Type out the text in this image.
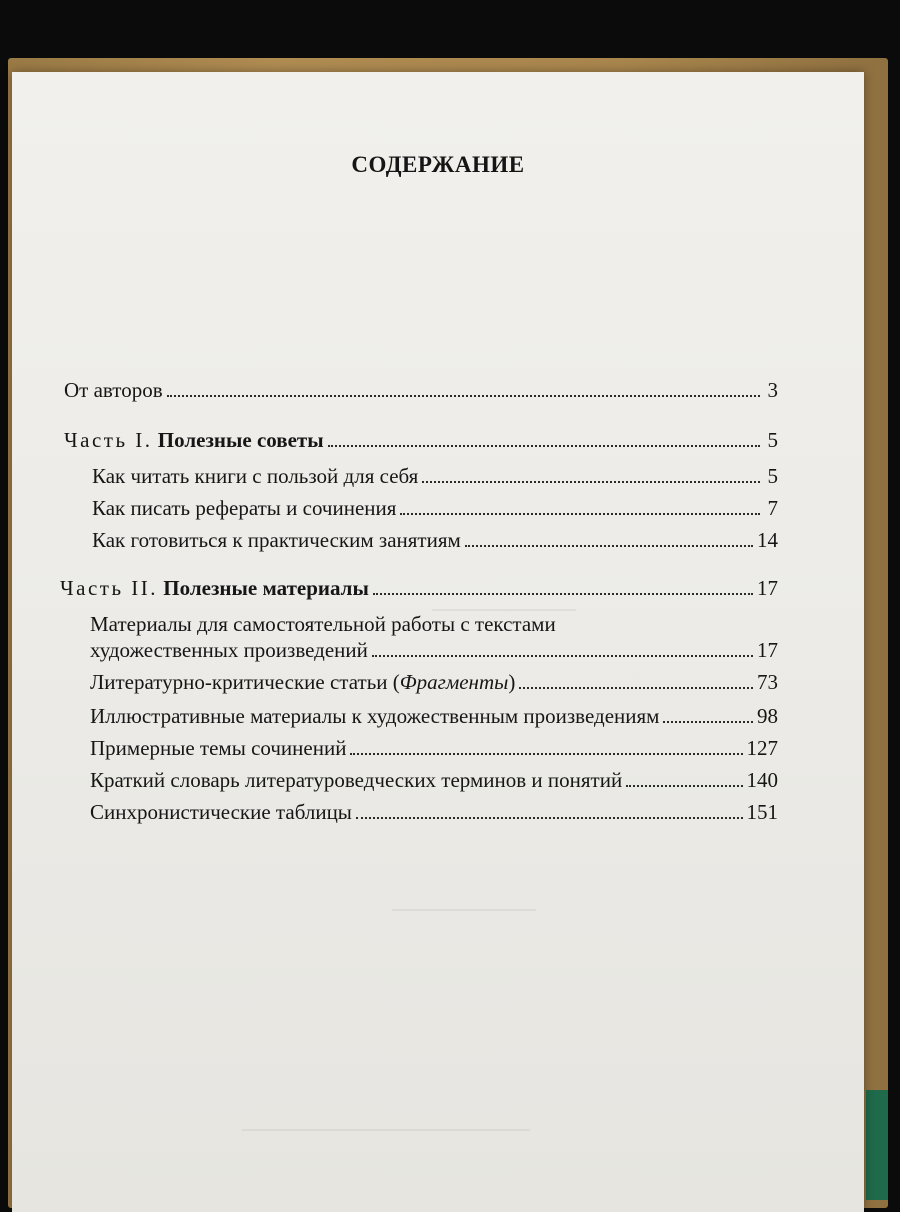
________________
________________
________________________________
СОДЕРЖАНИЕ
От авторов	3
Часть I. Полезные советы	5
Как читать книги с пользой для себя	5
Как писать рефераты и сочинения	7
Как готовиться к практическим занятиям	14
Часть II. Полезные материалы	17
Материалы для самостоятельной работы с текстами
художественных произведений	17
Литературно-критические статьи (Фрагменты)	73
Иллюстративные материалы к художественным произведениям	98
Примерные темы сочинений	127
Краткий словарь литературоведческих терминов и понятий	140
Синхронистические таблицы	151
